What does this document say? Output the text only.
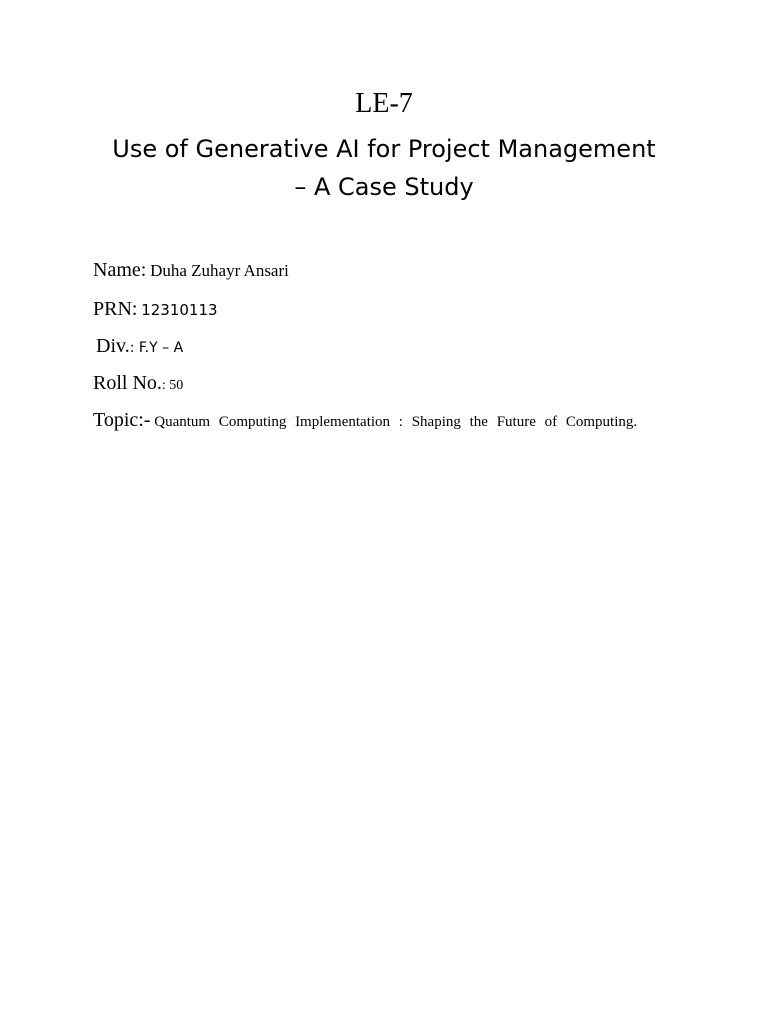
LE-7
Use of Generative AI for Project Management
– A Case Study
Name: Duha Zuhayr Ansari
PRN: 12310113
Div.: F.Y – A
Roll No.: 50
Topic:- Quantum Computing Implementation : Shaping the Future of Computing.
